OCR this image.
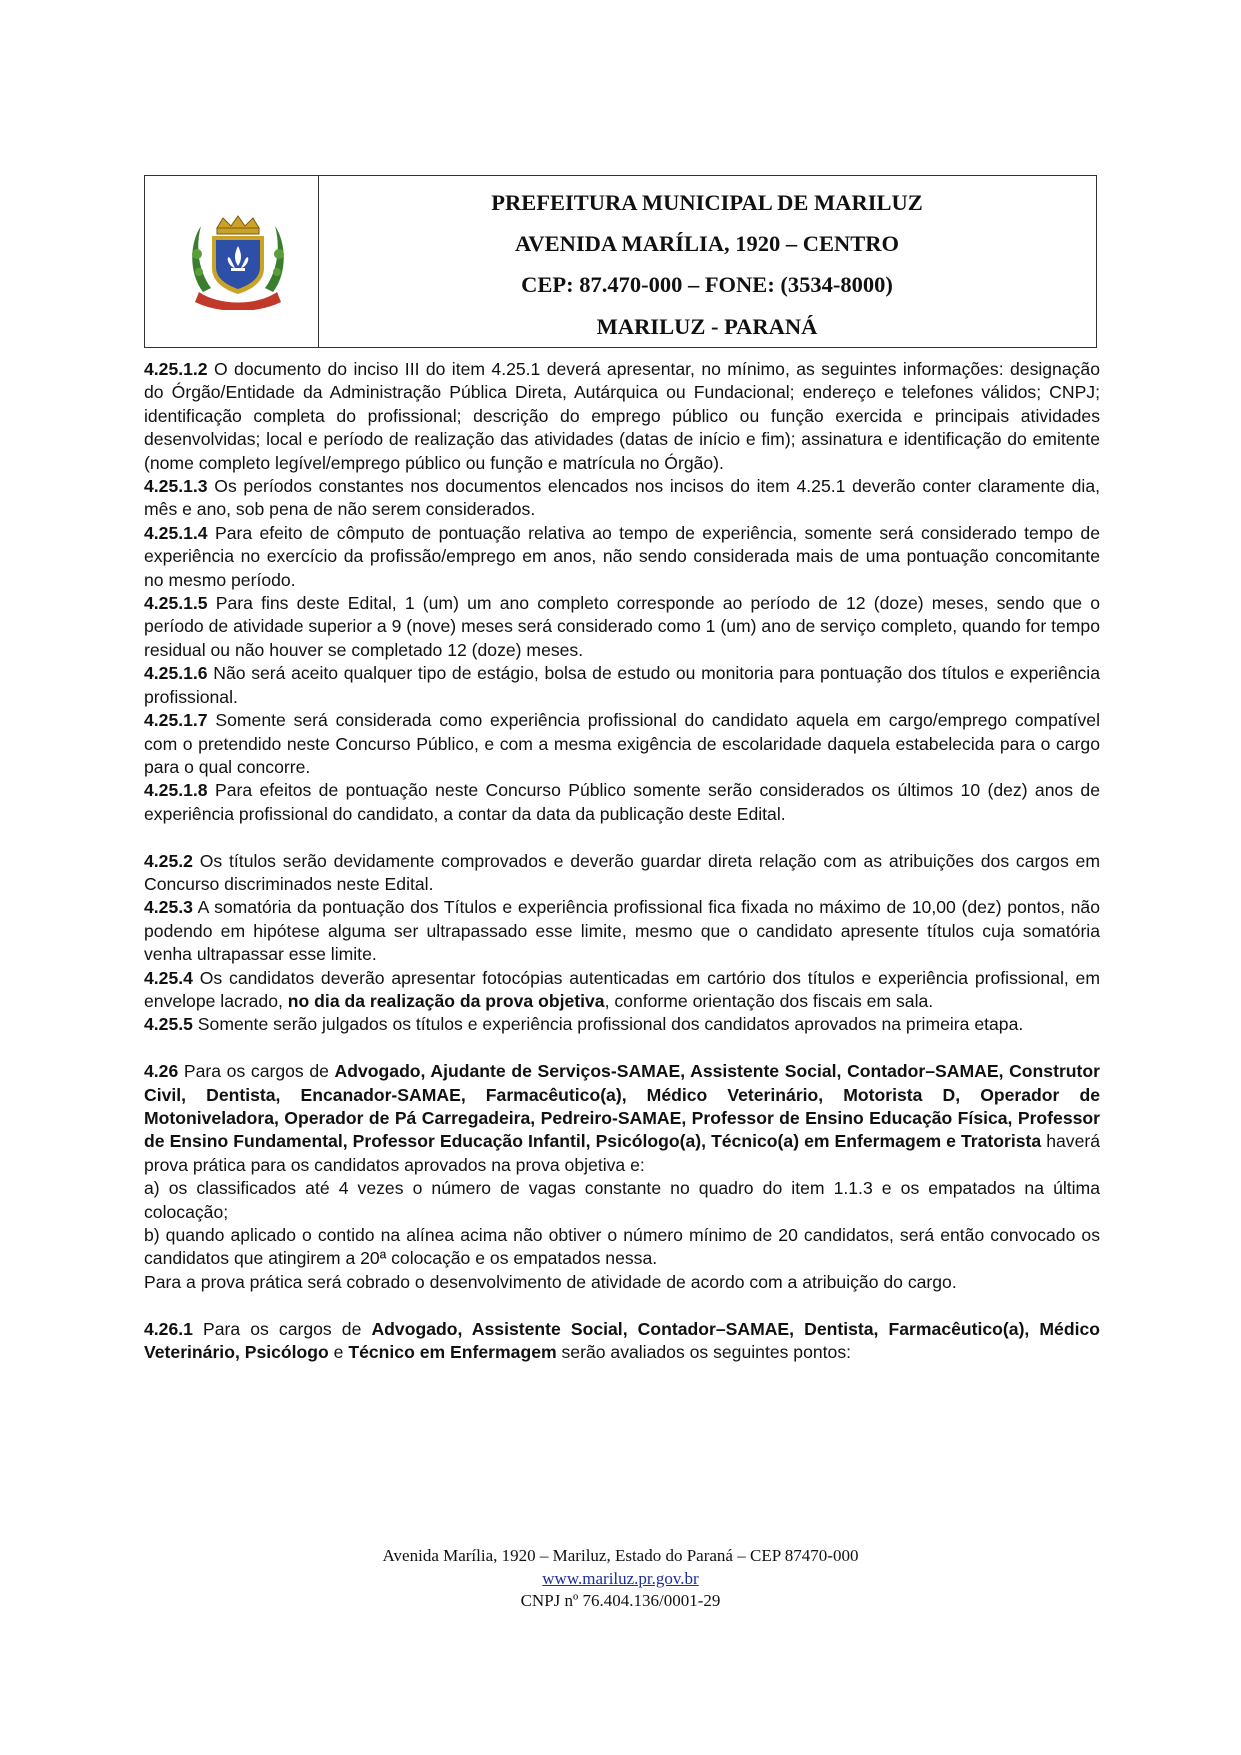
PREFEITURA MUNICIPAL DE MARILUZ
AVENIDA MARÍLIA, 1920 – CENTRO
CEP: 87.470-000 – FONE: (3534-8000)
MARILUZ - PARANÁ

4.25.1.2 O documento do inciso III do item 4.25.1 deverá apresentar, no mínimo, as seguintes informações: designação do Órgão/Entidade da Administração Pública Direta, Autárquica ou Fundacional; endereço e telefones válidos; CNPJ; identificação completa do profissional; descrição do emprego público ou função exercida e principais atividades desenvolvidas; local e período de realização das atividades (datas de início e fim); assinatura e identificação do emitente (nome completo legível/emprego público ou função e matrícula no Órgão).

4.25.1.3 Os períodos constantes nos documentos elencados nos incisos do item 4.25.1 deverão conter claramente dia, mês e ano, sob pena de não serem considerados.

4.25.1.4 Para efeito de cômputo de pontuação relativa ao tempo de experiência, somente será considerado tempo de experiência no exercício da profissão/emprego em anos, não sendo considerada mais de uma pontuação concomitante no mesmo período.

4.25.1.5 Para fins deste Edital, 1 (um) um ano completo corresponde ao período de 12 (doze) meses, sendo que o período de atividade superior a 9 (nove) meses será considerado como 1 (um) ano de serviço completo, quando for tempo residual ou não houver se completado 12 (doze) meses.

4.25.1.6 Não será aceito qualquer tipo de estágio, bolsa de estudo ou monitoria para pontuação dos títulos e experiência profissional.

4.25.1.7 Somente será considerada como experiência profissional do candidato aquela em cargo/emprego compatível com o pretendido neste Concurso Público, e com a mesma exigência de escolaridade daquela estabelecida para o cargo para o qual concorre.

4.25.1.8 Para efeitos de pontuação neste Concurso Público somente serão considerados os últimos 10 (dez) anos de experiência profissional do candidato, a contar da data da publicação deste Edital.

4.25.2 Os títulos serão devidamente comprovados e deverão guardar direta relação com as atribuições dos cargos em Concurso discriminados neste Edital.

4.25.3 A somatória da pontuação dos Títulos e experiência profissional fica fixada no máximo de 10,00 (dez) pontos, não podendo em hipótese alguma ser ultrapassado esse limite, mesmo que o candidato apresente títulos cuja somatória venha ultrapassar esse limite.

4.25.4 Os candidatos deverão apresentar fotocópias autenticadas em cartório dos títulos e experiência profissional, em envelope lacrado, no dia da realização da prova objetiva, conforme orientação dos fiscais em sala.

4.25.5 Somente serão julgados os títulos e experiência profissional dos candidatos aprovados na primeira etapa.

4.26 Para os cargos de Advogado, Ajudante de Serviços-SAMAE, Assistente Social, Contador–SAMAE, Construtor Civil, Dentista, Encanador-SAMAE, Farmacêutico(a), Médico Veterinário, Motorista D, Operador de Motoniveladora, Operador de Pá Carregadeira, Pedreiro-SAMAE, Professor de Ensino Educação Física, Professor de Ensino Fundamental, Professor Educação Infantil, Psicólogo(a), Técnico(a) em Enfermagem e Tratorista haverá prova prática para os candidatos aprovados na prova objetiva e:

a) os classificados até 4 vezes o número de vagas constante no quadro do item 1.1.3 e os empatados na última colocação;

b) quando aplicado o contido na alínea acima não obtiver o número mínimo de 20 candidatos, será então convocado os candidatos que atingirem a 20ª colocação e os empatados nessa.

Para a prova prática será cobrado o desenvolvimento de atividade de acordo com a atribuição do cargo.

4.26.1 Para os cargos de Advogado, Assistente Social, Contador–SAMAE, Dentista, Farmacêutico(a), Médico Veterinário, Psicólogo e Técnico em Enfermagem serão avaliados os seguintes pontos:

Avenida Marília, 1920 – Mariluz, Estado do Paraná – CEP 87470-000
www.mariluz.pr.gov.br
CNPJ nº 76.404.136/0001-29
